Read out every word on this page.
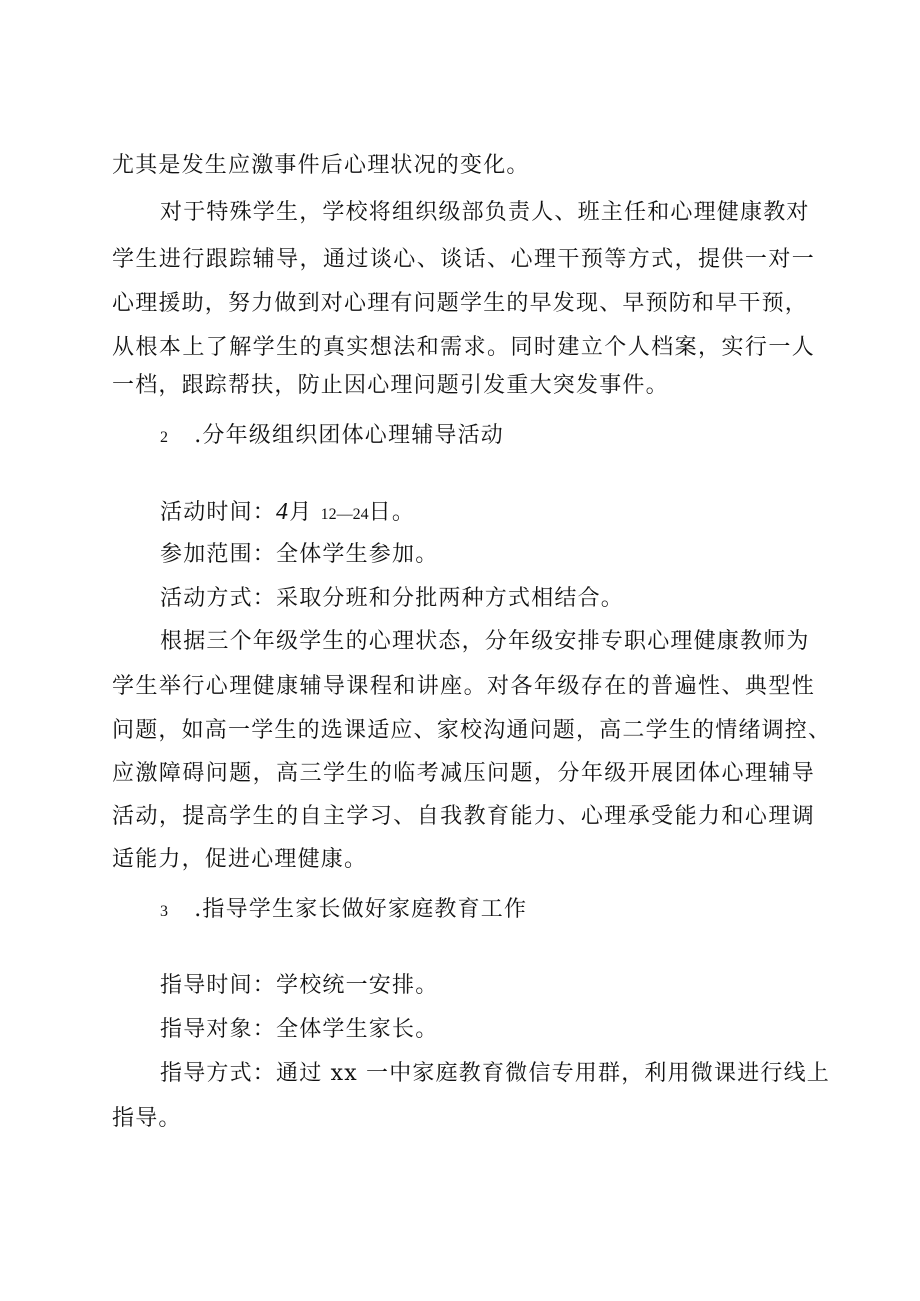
尤其是发生应激事件后心理状况的变化。
对于特殊学生，学校将组织级部负责人、班主任和心理健康教对
学生进行跟踪辅导，通过谈心、谈话、心理干预等方式，提供一对一
心理援助，努力做到对心理有问题学生的早发现、早预防和早干预，
从根本上了解学生的真实想法和需求。同时建立个人档案，实行一人
一档，跟踪帮扶，防止因心理问题引发重大突发事件。
2 .分年级组织团体心理辅导活动
活动时间：4月 12—24日。
参加范围：全体学生参加。
活动方式：采取分班和分批两种方式相结合。
根据三个年级学生的心理状态，分年级安排专职心理健康教师为
学生举行心理健康辅导课程和讲座。对各年级存在的普遍性、典型性
问题，如高一学生的选课适应、家校沟通问题，高二学生的情绪调控、
应激障碍问题，高三学生的临考减压问题，分年级开展团体心理辅导
活动，提高学生的自主学习、自我教育能力、心理承受能力和心理调
适能力，促进心理健康。
3 .指导学生家长做好家庭教育工作
指导时间：学校统一安排。
指导对象：全体学生家长。
指导方式：通过 xx 一中家庭教育微信专用群，利用微课进行线上
指导。
